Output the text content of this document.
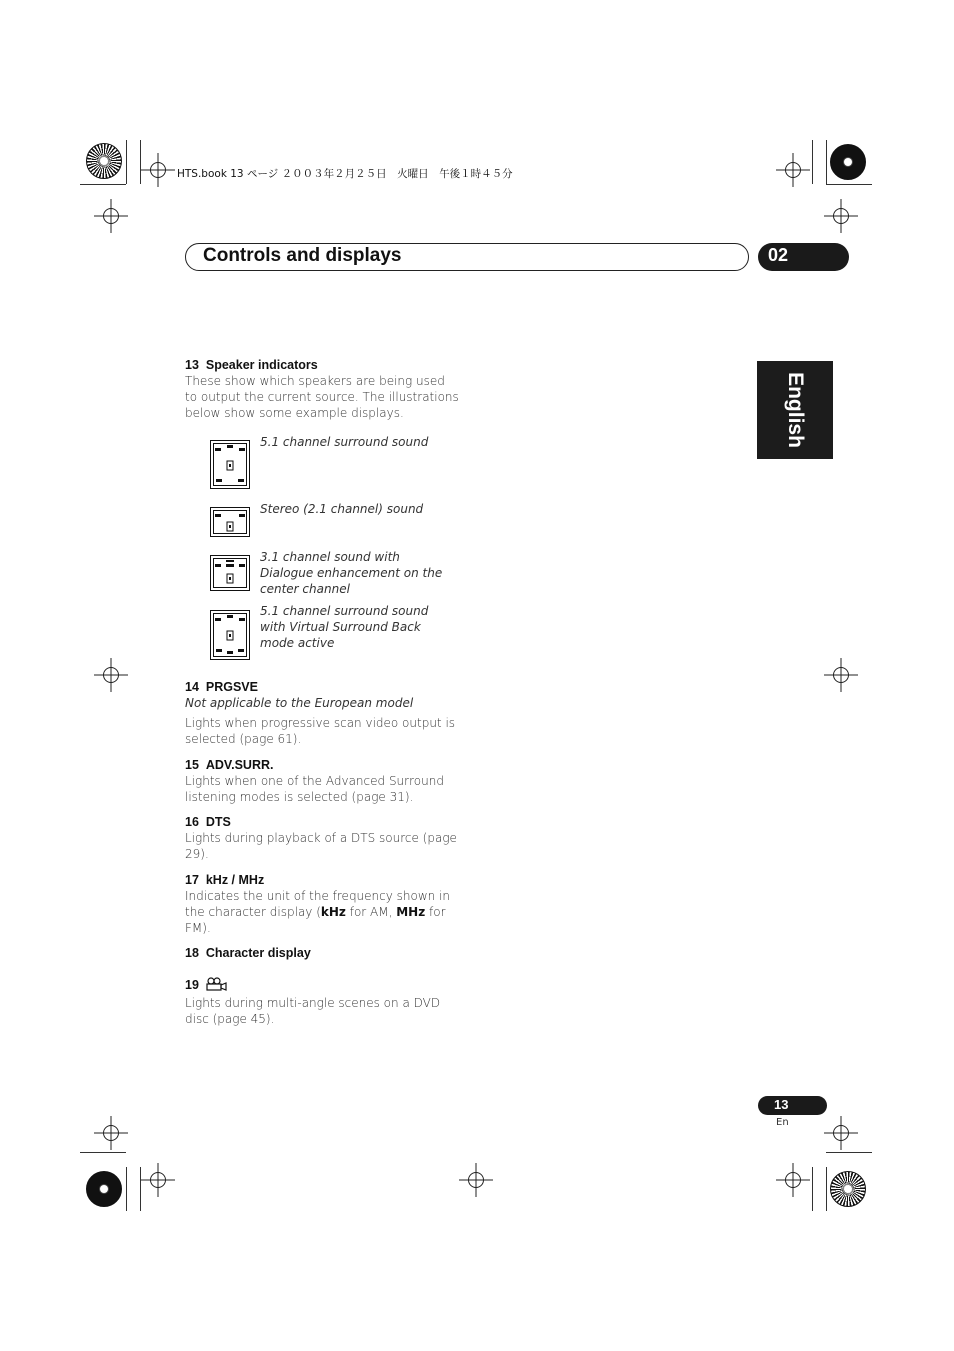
HTS.book 13 ページ ２００３年２月２５日　火曜日　午後１時４５分
Controls and displays	02
English
13 Speaker indicators
These show which speakers are being used to output the current source. The illustrations below show some example displays.
5.1 channel surround sound
Stereo (2.1 channel) sound
3.1 channel sound with Dialogue enhancement on the center channel
5.1 channel surround sound with Virtual Surround Back mode active
14 PRGSVE
Not applicable to the European model
Lights when progressive scan video output is selected (page 61).
15 ADV.SURR.
Lights when one of the Advanced Surround listening modes is selected (page 31).
16 DTS
Lights during playback of a DTS source (page 29).
17 kHz / MHz
Indicates the unit of the frequency shown in the character display (kHz for AM, MHz for FM).
18 Character display
19
Lights during multi-angle scenes on a DVD disc (page 45).
13
En
